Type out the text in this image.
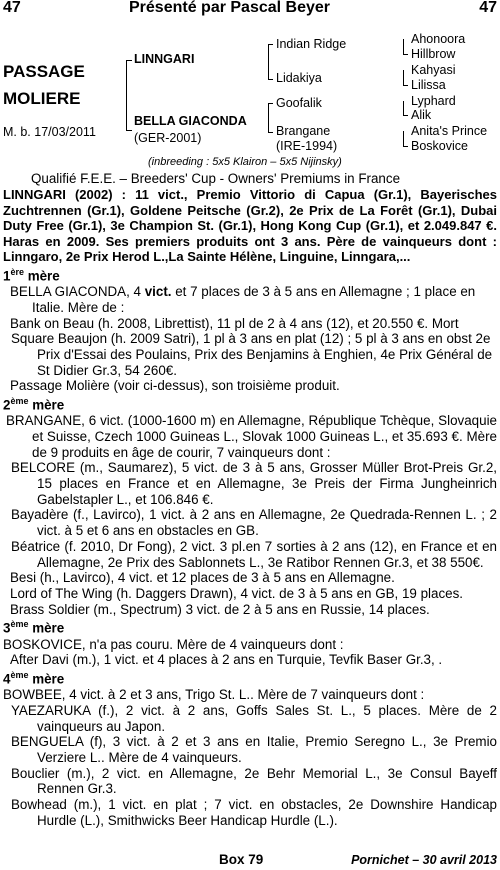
47	Présenté par Pascal Beyer	47
PASSAGE
MOLIERE
M. b. 17/03/2011
LINNGARI
BELLA GIACONDA
(GER-2001)
Indian Ridge
Lidakiya
Goofalik
Brangane
(IRE-1994)
Ahonoora
Hillbrow
Kahyasi
Lilissa
Lyphard
Alik
Anita's Prince
Boskovice
(inbreeding : 5x5 Klairon – 5x5 Nijinsky)
Qualifié F.E.E. – Breeders' Cup - Owners' Premiums in France

LINNGARI (2002) : 11 vict., Premio Vittorio di Capua (Gr.1), Bayerisches Zuchtrennen (Gr.1), Goldene Peitsche (Gr.2), 2e Prix de La Forêt (Gr.1), Dubai Duty Free (Gr.1), 3e Champion St. (Gr.1), Hong Kong Cup (Gr.1), et 2.049.847 €. Haras en 2009. Ses premiers produits ont 3 ans. Père de vainqueurs dont : Linngaro, 2e Prix Herod L.,La Sainte Hélène, Linguine, Linngara,...

1ère mère

BELLA GIACONDA, 4 vict. et 7 places de 3 à 5 ans en Allemagne ; 1 place en Italie. Mère de :

Bank on Beau (h. 2008, Librettist), 11 pl de 2 à 4 ans (12), et 20.550 €. Mort

Square Beaujon (h. 2009 Satri), 1 pl à 3 ans en plat (12) ; 5 pl à 3 ans en obst 2e Prix d'Essai des Poulains, Prix des Benjamins à Enghien, 4e Prix Général de St Didier Gr.3, 54 260€.

Passage Molière (voir ci-dessus), son troisième produit.

2ème mère

BRANGANE, 6 vict. (1000-1600 m) en Allemagne, République Tchèque, Slovaquie et Suisse, Czech 1000 Guineas L., Slovak 1000 Guineas L., et 35.693 €. Mère de 9 produits en âge de courir, 7 vainqueurs dont :

BELCORE (m., Saumarez), 5 vict. de 3 à 5 ans, Grosser Müller Brot-Preis Gr.2, 15 places en France et en Allemagne, 3e Preis der Firma Jungheinrich Gabelstapler L., et 106.846 €.

Bayadère (f., Lavirco), 1 vict. à 2 ans en Allemagne, 2e Quedrada-Rennen L. ; 2 vict. à 5 et 6 ans en obstacles en GB.

Béatrice (f. 2010, Dr Fong), 2 vict. 3 pl.en 7 sorties à 2 ans (12), en France et en Allemagne, 2e Prix des Sablonnets L., 3e Ratibor Rennen Gr.3, et 38 550€.

Besi (h., Lavirco), 4 vict. et 12 places de 3 à 5 ans en Allemagne.

Lord of The Wing (h. Daggers Drawn), 4 vict. de 3 à 5 ans en GB, 19 places.

Brass Soldier (m., Spectrum) 3 vict. de 2 à 5 ans en Russie, 14 places.

3ème mère

BOSKOVICE, n'a pas couru. Mère de 4 vainqueurs dont :

After Davi (m.), 1 vict. et 4 places à 2 ans en Turquie, Tevfik Baser Gr.3, .

4ème mère

BOWBEE, 4 vict. à 2 et 3 ans, Trigo St. L.. Mère de 7 vainqueurs dont :

YAEZARUKA (f.), 2 vict. à 2 ans, Goffs Sales St. L., 5 places. Mère de 2 vainqueurs au Japon.

BENGUELA (f), 3 vict. à 2 et 3 ans en Italie, Premio Seregno L., 3e Premio Verziere L.. Mère de 4 vainqueurs.

Bouclier (m.), 2 vict. en Allemagne, 2e Behr Memorial L., 3e Consul Bayeff Rennen Gr.3.

Bowhead (m.), 1 vict. en plat ; 7 vict. en obstacles, 2e Downshire Handicap Hurdle (L.), Smithwicks Beer Handicap Hurdle (L.).

Box 79	Pornichet – 30 avril 2013
